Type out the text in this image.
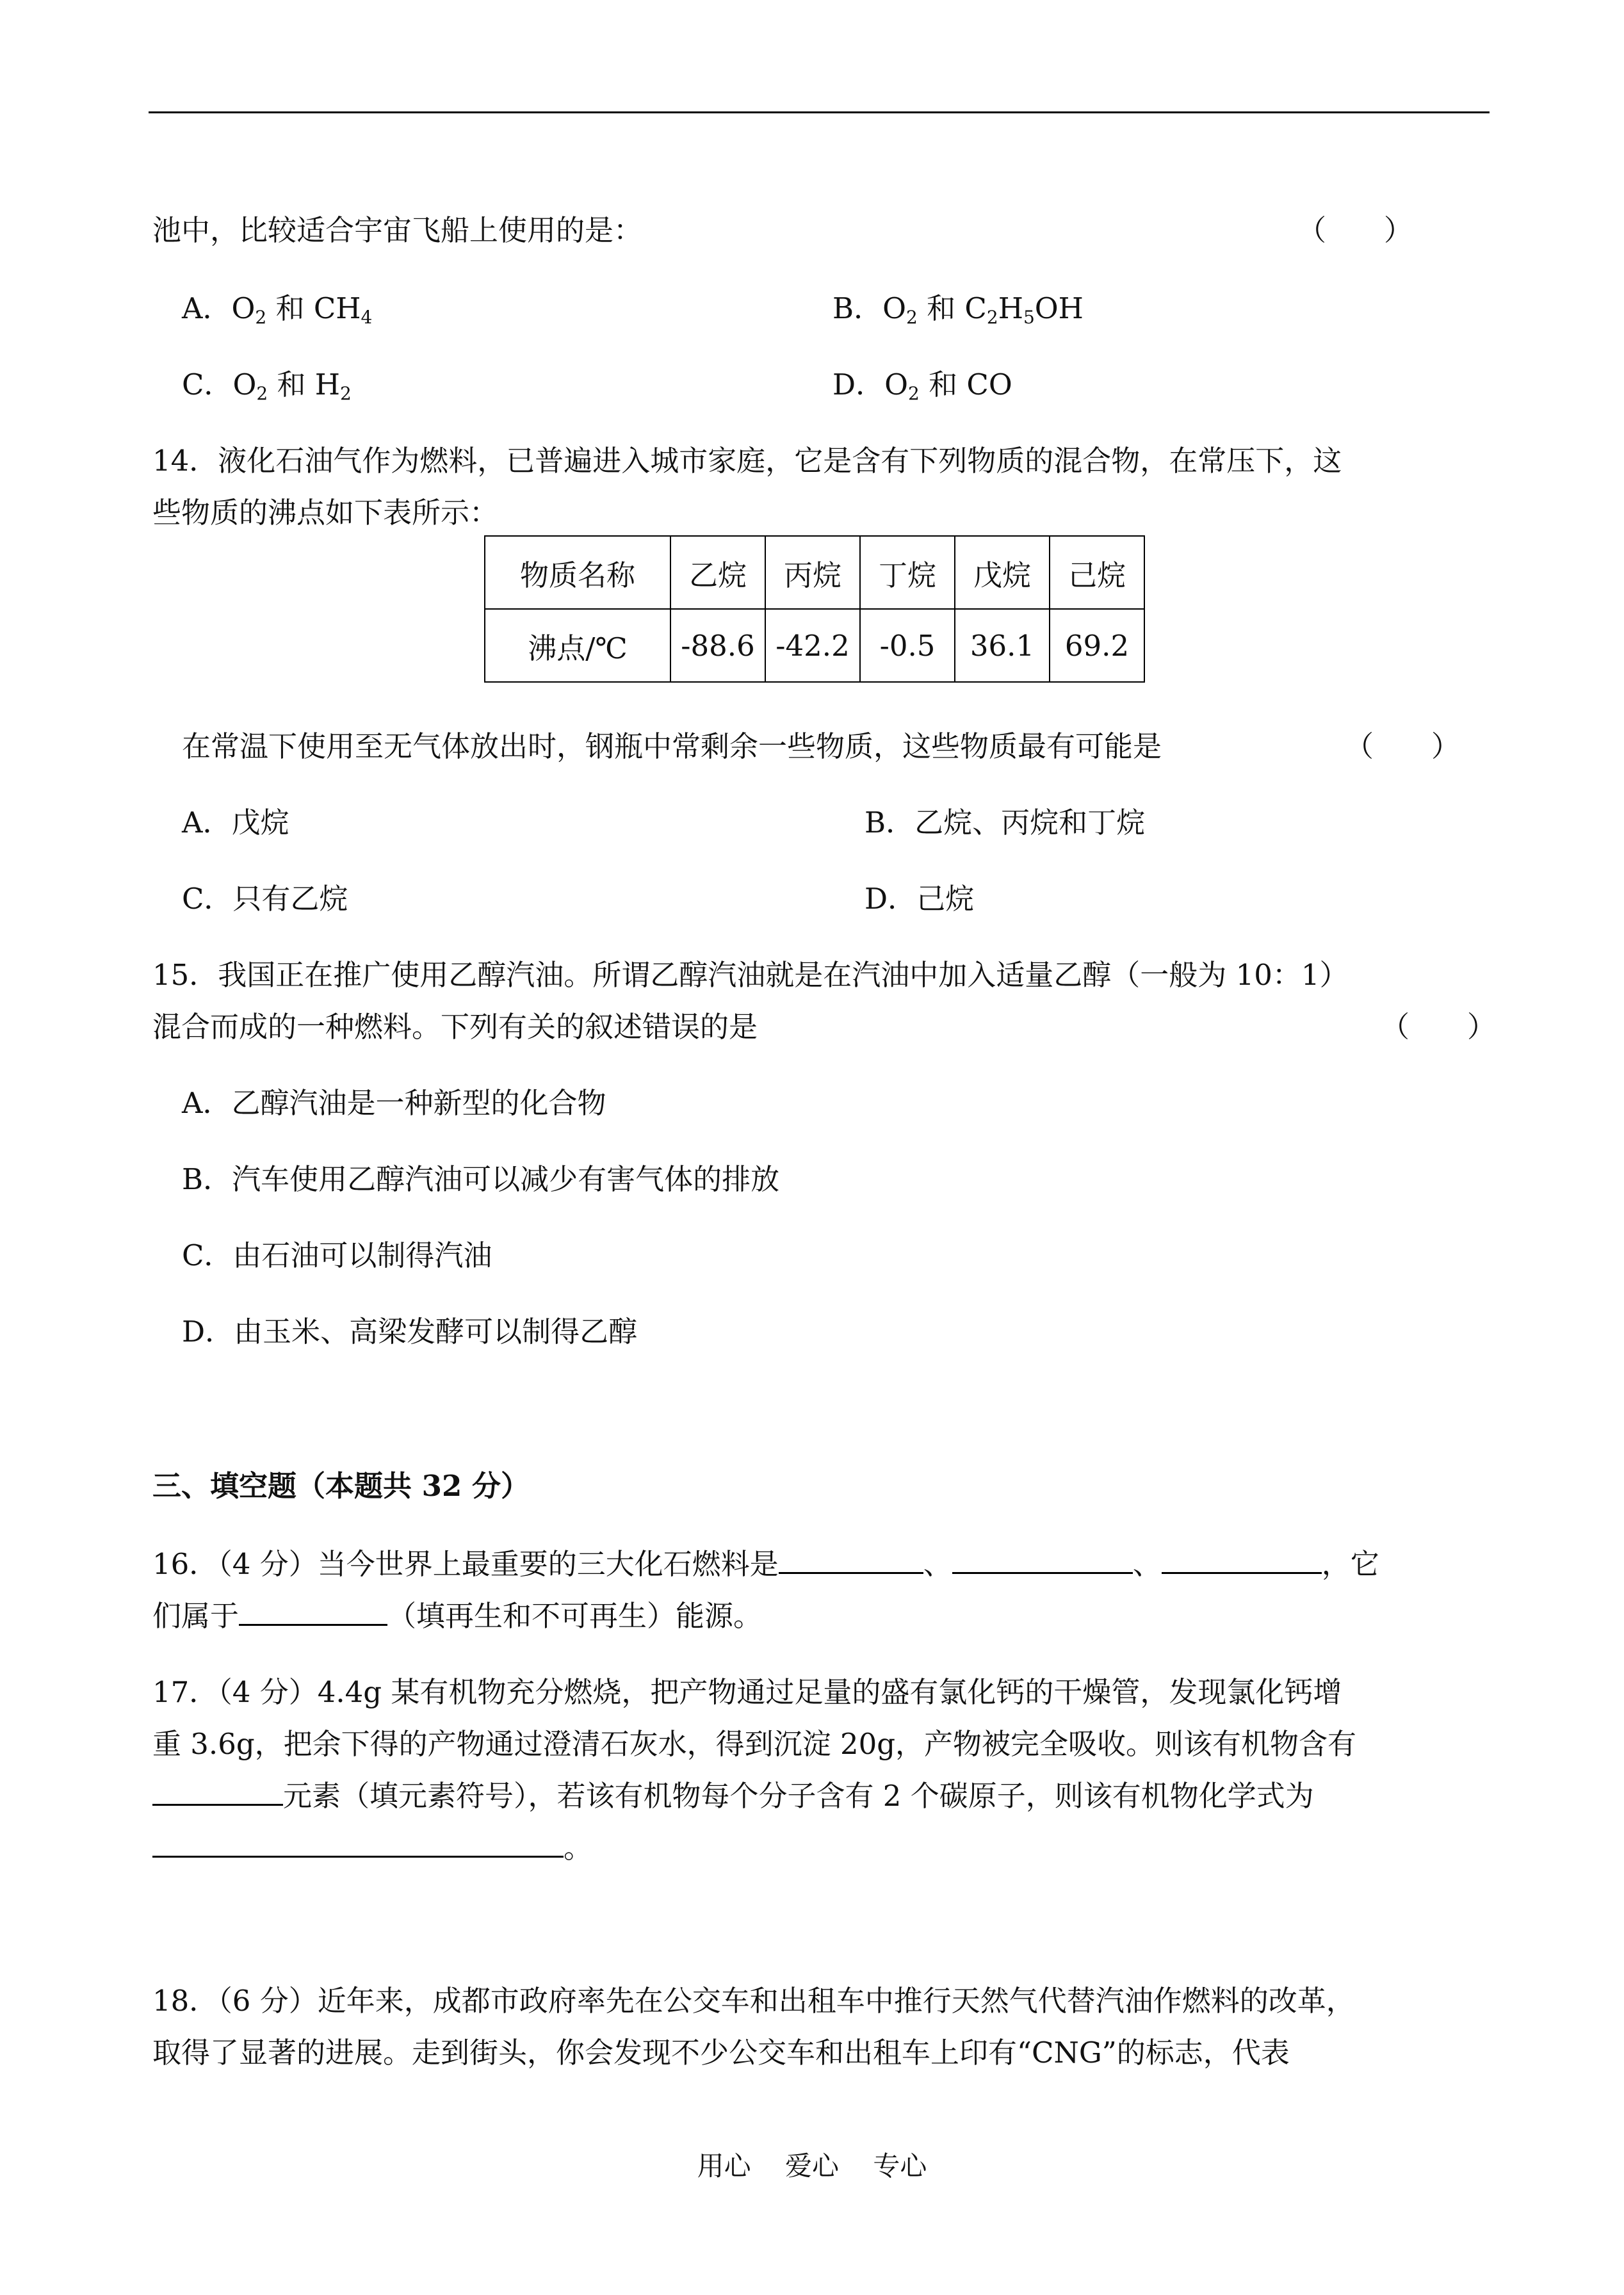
池中，比较适合宇宙飞船上使用的是：	（　　）
A．$O_2$ 和 $CH_4$	B．$O_2$ 和 $C_2H_5OH$
C．$O_2$ 和 $H_2$	D．$O_2$ 和 CO
14．液化石油气作为燃料，已普遍进入城市家庭，它是含有下列物质的混合物，在常压下，这
些物质的沸点如下表所示：
物质名称	乙烷	丙烷	丁烷	戊烷	己烷
沸点/℃	-88.6	-42.2	-0.5	36.1	69.2
在常温下使用至无气体放出时，钢瓶中常剩余一些物质，这些物质最有可能是	（　　）
A．戊烷	B．乙烷、丙烷和丁烷
C．只有乙烷	D．己烷
15．我国正在推广使用乙醇汽油。所谓乙醇汽油就是在汽油中加入适量乙醇（一般为 10：1）
混合而成的一种燃料。下列有关的叙述错误的是	（　　）
A．乙醇汽油是一种新型的化合物
B．汽车使用乙醇汽油可以减少有害气体的排放
C．由石油可以制得汽油
D．由玉米、高梁发酵可以制得乙醇
三、填空题（本题共 32 分）
16．（4 分）当今世界上最重要的三大化石燃料是	、	、	，它
们属于	（填再生和不可再生）能源。
17．（4 分）4.4g 某有机物充分燃烧，把产物通过足量的盛有氯化钙的干燥管，发现氯化钙增
重 3.6g，把余下得的产物通过澄清石灰水，得到沉淀 20g，产物被完全吸收。则该有机物含有
元素（填元素符号），若该有机物每个分子含有 2 个碳原子，则该有机物化学式为
。
18．（6 分）近年来，成都市政府率先在公交车和出租车中推行天然气代替汽油作燃料的改革，
取得了显著的进展。走到街头，你会发现不少公交车和出租车上印有“CNG”的标志，代表
用心 爱心 专心
